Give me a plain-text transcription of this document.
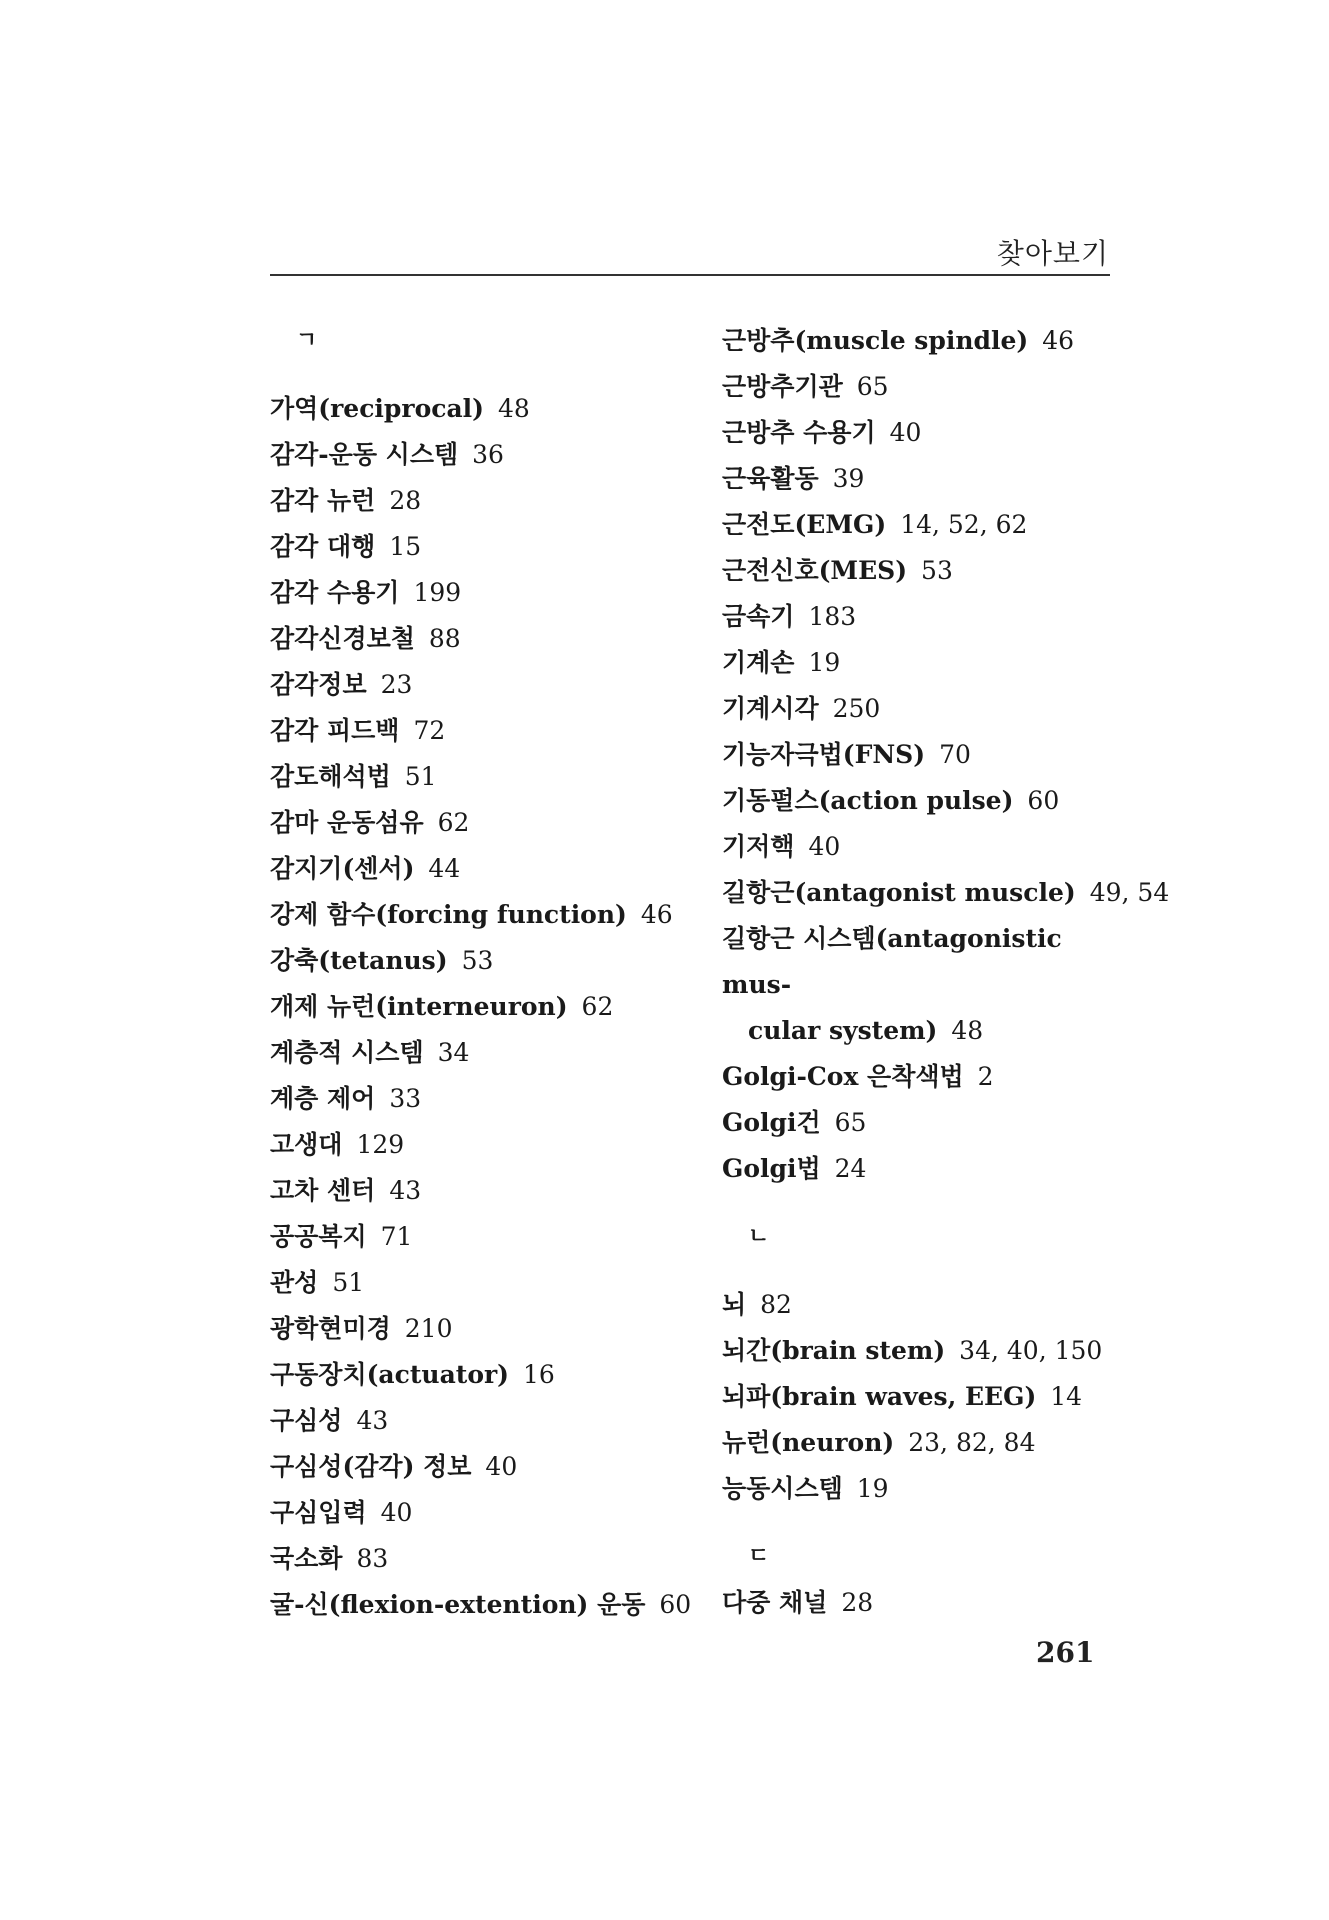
찾아보기
ㄱ
가역(reciprocal) 48
감각-운동 시스템 36
감각 뉴런 28
감각 대행 15
감각 수용기 199
감각신경보철 88
감각정보 23
감각 피드백 72
감도해석법 51
감마 운동섬유 62
감지기(센서) 44
강제 함수(forcing function) 46
강축(tetanus) 53
개제 뉴런(interneuron) 62
계층적 시스템 34
계층 제어 33
고생대 129
고차 센터 43
공공복지 71
관성 51
광학현미경 210
구동장치(actuator) 16
구심성 43
구심성(감각) 정보 40
구심입력 40
국소화 83
굴-신(flexion-extention) 운동 60
근방추(muscle spindle) 46
근방추기관 65
근방추 수용기 40
근육활동 39
근전도(EMG) 14, 52, 62
근전신호(MES) 53
금속기 183
기계손 19
기계시각 250
기능자극법(FNS) 70
기동펄스(action pulse) 60
기저핵 40
길항근(antagonist muscle) 49, 54
길항근 시스템(antagonistic mus-
cular system) 48
Golgi-Cox 은착색법 2
Golgi건 65
Golgi법 24
ㄴ
뇌 82
뇌간(brain stem) 34, 40, 150
뇌파(brain waves, EEG) 14
뉴런(neuron) 23, 82, 84
능동시스템 19
ㄷ
다중 채널 28
261
